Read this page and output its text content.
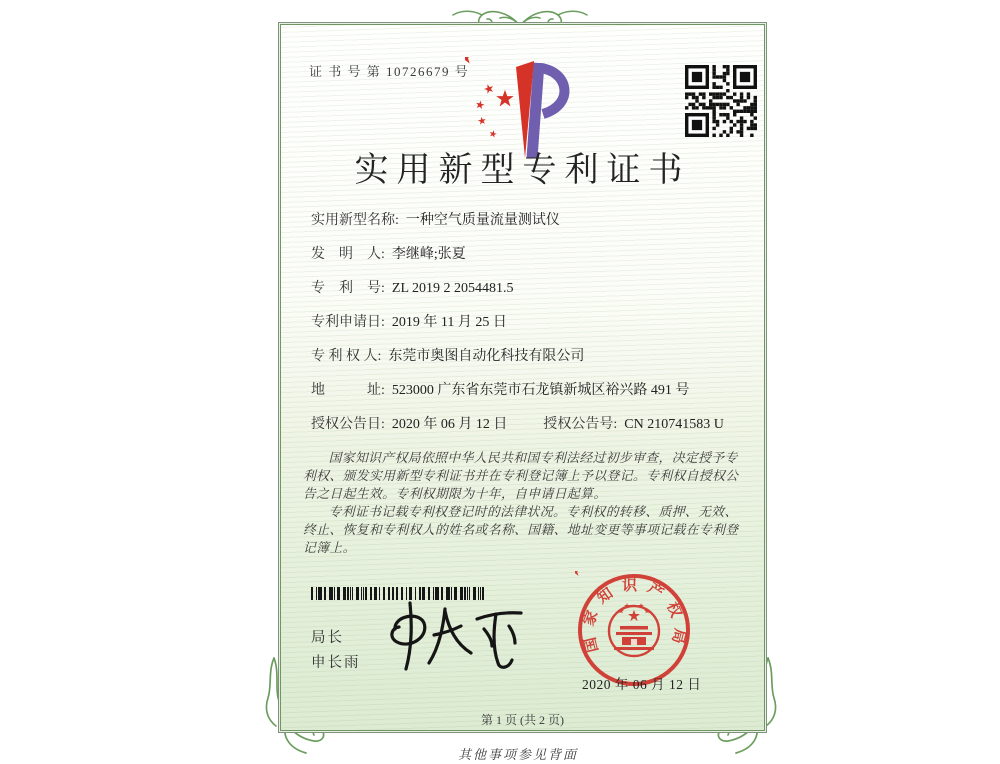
其他事项参见背面
证 书 号 第 10726679 号
实用新型专利证书
实用新型名称: 一种空气质量流量测试仪
发　明　人: 李继峰;张夏
专　利　号: ZL 2019 2 2054481.5
专利申请日: 2019 年 11 月 25 日
专 利 权 人: 东莞市奥图自动化科技有限公司
地　　　址: 523000 广东省东莞市石龙镇新城区裕兴路 491 号
授权公告日: 2020 年 06 月 12 日	授权公告号: CN 210741583 U

国家知识产权局依照中华人民共和国专利法经过初步审查，决定授予专利权、颁发实用新型专利证书并在专利登记簿上予以登记。专利权自授权公告之日起生效。专利权期限为十年，自申请日起算。

专利证书记载专利权登记时的法律状况。专利权的转移、质押、无效、终止、恢复和专利权人的姓名或名称、国籍、地址变更等事项记载在专利登记簿上。

局长
申长雨
国家知识产权局
2020 年 06 月 12 日
第 1 页 (共 2 页)
